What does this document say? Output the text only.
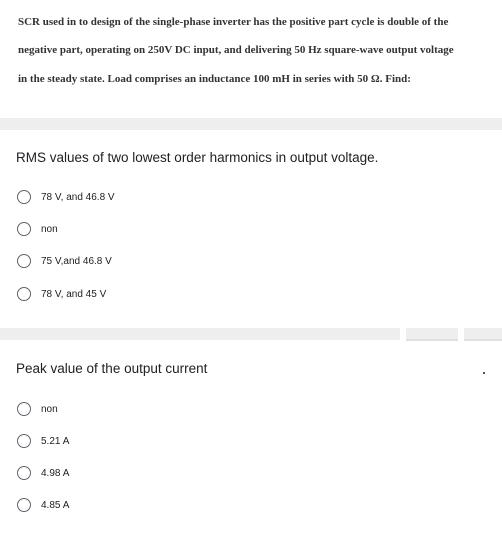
SCR used in to design of the single-phase inverter has the positive part cycle is double of the

negative part, operating on 250V DC input, and delivering 50 Hz square-wave output voltage

in the steady state. Load comprises an inductance 100 mH in series with 50 Ω. Find:

RMS values of two lowest order harmonics in output voltage.
78 V, and 46.8 V
non
75 V,and 46.8 V
78 V, and 45 V
Peak value of the output current
non
5.21 A
4.98 A
4.85 A
